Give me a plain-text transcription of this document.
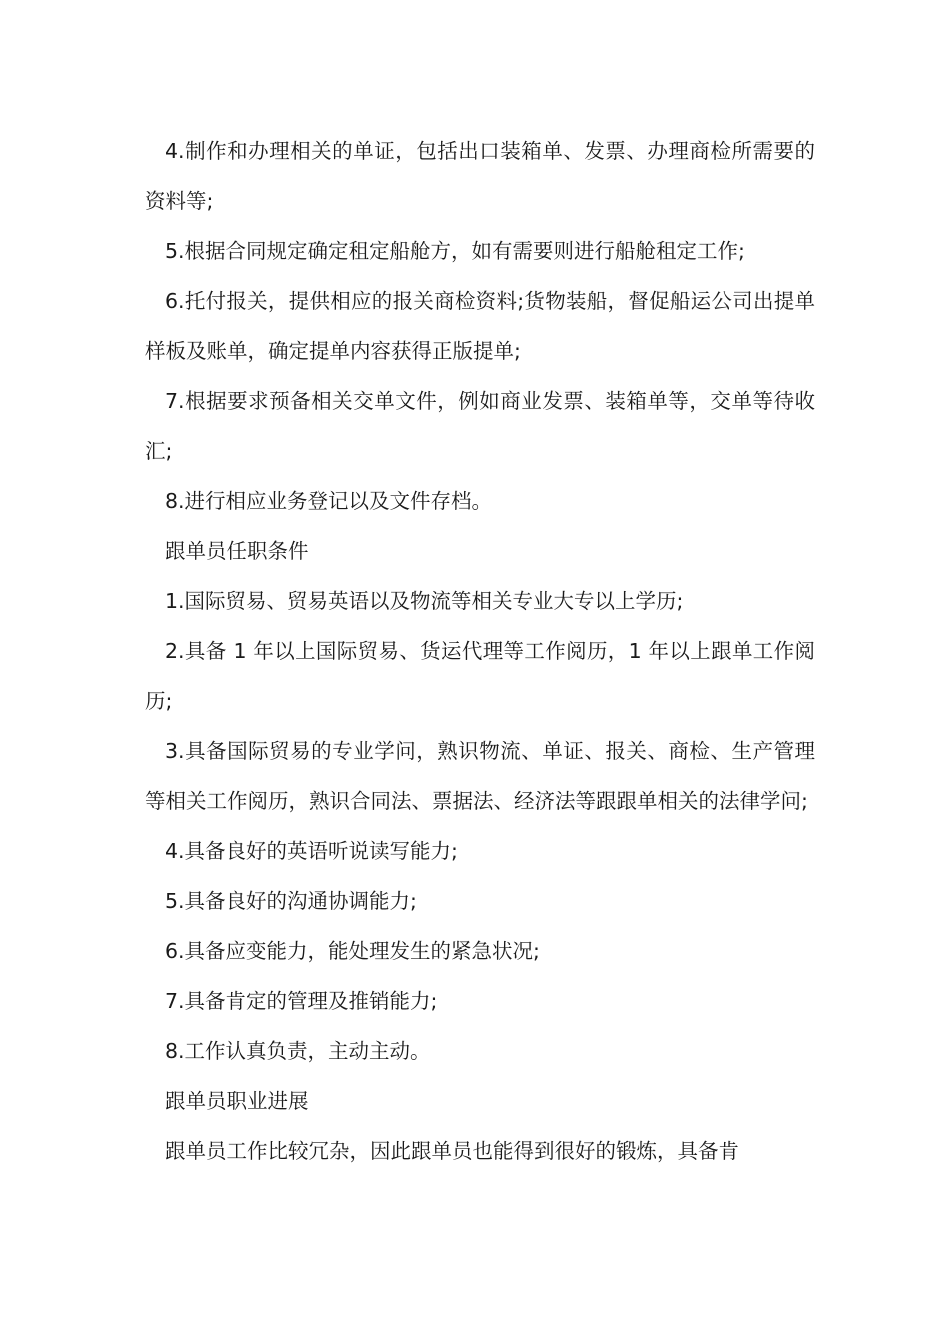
4.制作和办理相关的单证，包括出口装箱单、发票、办理商检所需要的资料等;

5.根据合同规定确定租定船舱方，如有需要则进行船舱租定工作;

6.托付报关，提供相应的报关商检资料;货物装船，督促船运公司出提单样板及账单，确定提单内容获得正版提单;

7.根据要求预备相关交单文件，例如商业发票、装箱单等，交单等待收汇;

8.进行相应业务登记以及文件存档。

跟单员任职条件

1.国际贸易、贸易英语以及物流等相关专业大专以上学历;

2.具备 1 年以上国际贸易、货运代理等工作阅历，1 年以上跟单工作阅历;

3.具备国际贸易的专业学问，熟识物流、单证、报关、商检、生产管理等相关工作阅历，熟识合同法、票据法、经济法等跟跟单相关的法律学问;

4.具备良好的英语听说读写能力;

5.具备良好的沟通协调能力;

6.具备应变能力，能处理发生的紧急状况;

7.具备肯定的管理及推销能力;

8.工作认真负责，主动主动。

跟单员职业进展

跟单员工作比较冗杂，因此跟单员也能得到很好的锻炼，具备肯
